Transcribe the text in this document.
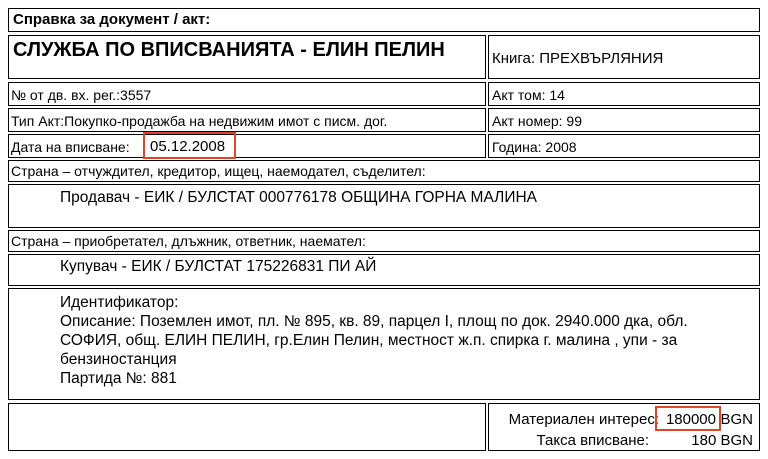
Справка за документ / акт:
СЛУЖБА ПО ВПИСВАНИЯТА - ЕЛИН ПЕЛИН	Книга: ПРЕХВЪРЛЯНИЯ
№ от дв. вх. рег.:3557	Акт том: 14
Тип Акт:Покупко-продажба на недвижим имот с писм. дог.	Акт номер: 99
Дата на вписване: 05.12.2008	Година: 2008
Страна – отчуждител, кредитор, ищец, наемодател, съделител:
Продавач - ЕИК / БУЛСТАТ 000776178 ОБЩИНА ГОРНА МАЛИНА
Страна – приобретател, длъжник, ответник, наемател:
Купувач - ЕИК / БУЛСТАТ 175226831 ПИ АЙ
Идентификатор:
Описание: Поземлен имот, пл. № 895, кв. 89, парцел I, площ по док. 2940.000 дка, обл. СОФИЯ, общ. ЕЛИН ПЕЛИН, гр.Елин Пелин, местност ж.п. спирка г. малина , упи - за бензиностанция
Партида №: 881
Материален интерес: 180000 BGN
Такса вписване:	180 BGN
